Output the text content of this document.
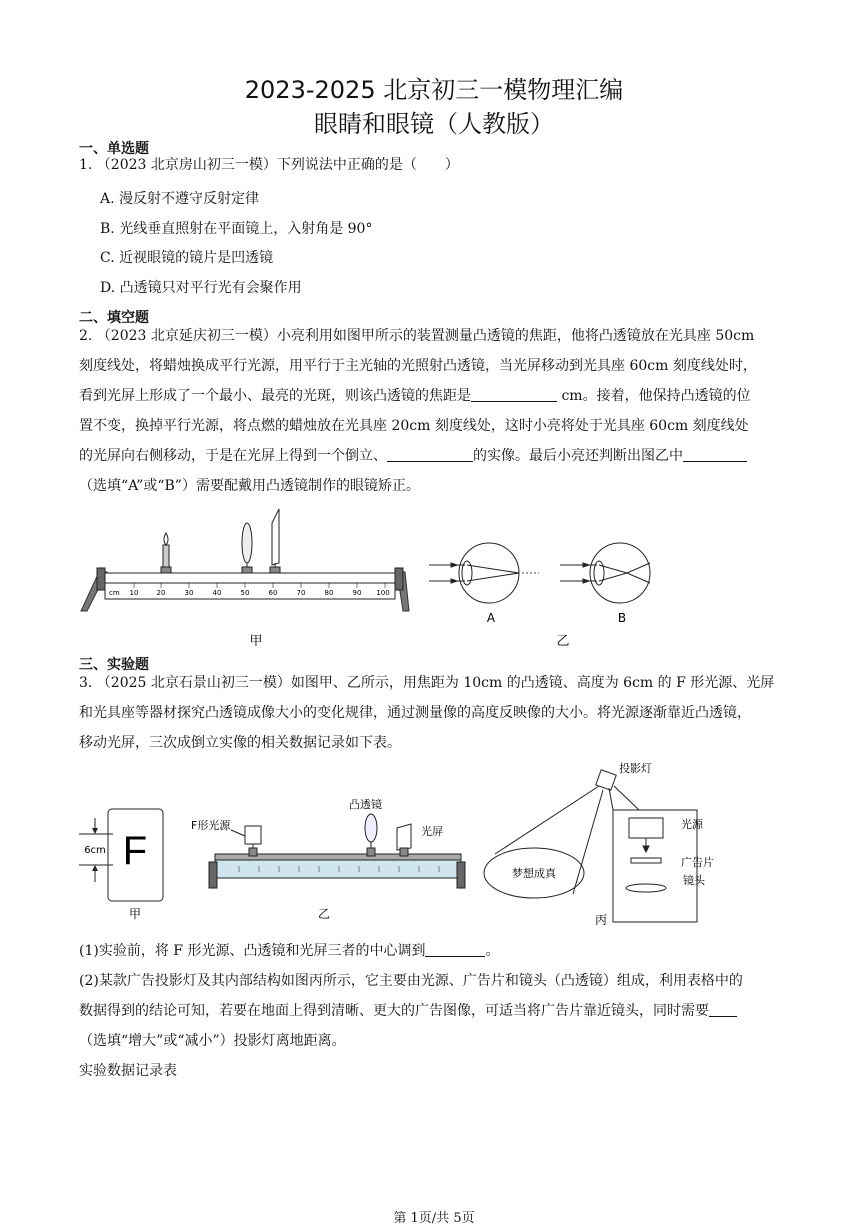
2023-2025 北京初三一模物理汇编
眼睛和眼镜（人教版）
一、单选题
1. （2023 北京房山初三一模）下列说法中正确的是（　　）
A. 漫反射不遵守反射定律
B. 光线垂直照射在平面镜上，入射角是 90°
C. 近视眼镜的镜片是凹透镜
D. 凸透镜只对平行光有会聚作用
二、填空题
2. （2023 北京延庆初三一模）小亮利用如图甲所示的装置测量凸透镜的焦距，他将凸透镜放在光具座 50cm
刻度线处，将蜡烛换成平行光源，用平行于主光轴的光照射凸透镜，当光屏移动到光具座 60cm 刻度线处时，
看到光屏上形成了一个最小、最亮的光斑，则该凸透镜的焦距是	cm。接着，他保持凸透镜的位
置不变，换掉平行光源，将点燃的蜡烛放在光具座 20cm 刻度线处，这时小亮将处于光具座 60cm 刻度线处
的光屏向右侧移动，于是在光屏上得到一个倒立、	的实像。最后小亮还判断出图乙中
（选填“A”或“B”）需要配戴用凸透镜制作的眼镜矫正。
cm 10	20	30	40	50	60	70	80	90 100
甲
A	B
乙
三、实验题
3. （2025 北京石景山初三一模）如图甲、乙所示，用焦距为 10cm 的凸透镜、高度为 6cm 的 F 形光源、光屏
和光具座等器材探究凸透镜成像大小的变化规律，通过测量像的高度反映像的大小。将光源逐渐靠近凸透镜，
移动光屏，三次成倒立实像的相关数据记录如下表。
F
6cm
甲
F形光源
凸透镜
光屏
乙
投影灯
光源
广告片
镜头
梦想成真
丙
(1)实验前，将 F 形光源、凸透镜和光屏三者的中心调到	。
(2)某款广告投影灯及其内部结构如图丙所示，它主要由光源、广告片和镜头（凸透镜）组成，利用表格中的
数据得到的结论可知，若要在地面上得到清晰、更大的广告图像，可适当将广告片靠近镜头，同时需要
（选填“增大”或“减小”）投影灯离地距离。
实验数据记录表
第 1页/共 5页
